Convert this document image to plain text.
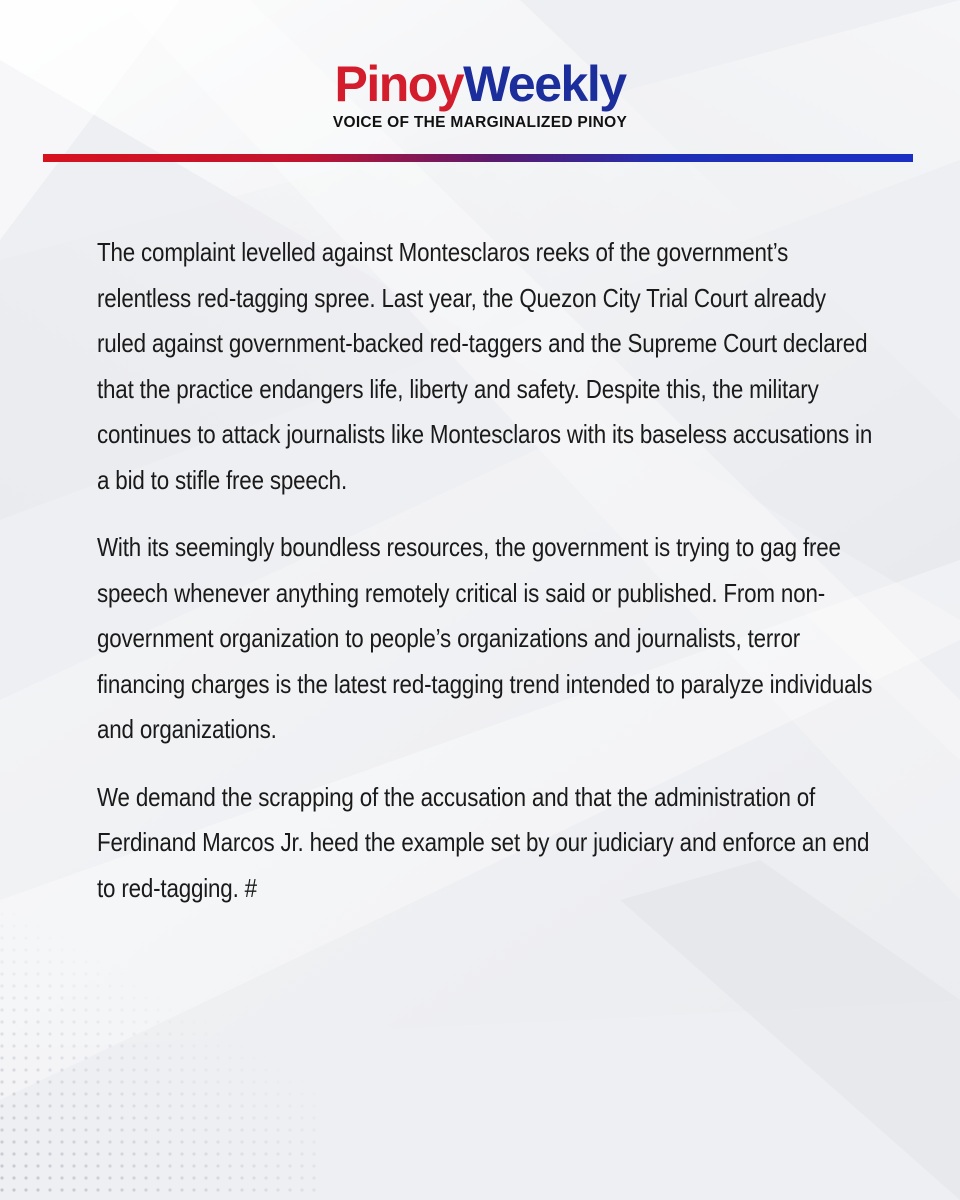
PinoyWeekly
VOICE OF THE MARGINALIZED PINOY

The complaint levelled against Montesclaros reeks of the government’s relentless red-tagging spree. Last year, the Quezon City Trial Court already ruled against government-backed red-taggers and the Supreme Court declared that the practice endangers life, liberty and safety. Despite this, the military continues to attack journalists like Montesclaros with its baseless accusations in a bid to stifle free speech.

With its seemingly boundless resources, the government is trying to gag free speech whenever anything remotely critical is said or published. From non-government organization to people’s organizations and journalists, terror financing charges is the latest red-tagging trend intended to paralyze individuals and organizations.

We demand the scrapping of the accusation and that the administration of Ferdinand Marcos Jr. heed the example set by our judiciary and enforce an end to red-tagging. #
